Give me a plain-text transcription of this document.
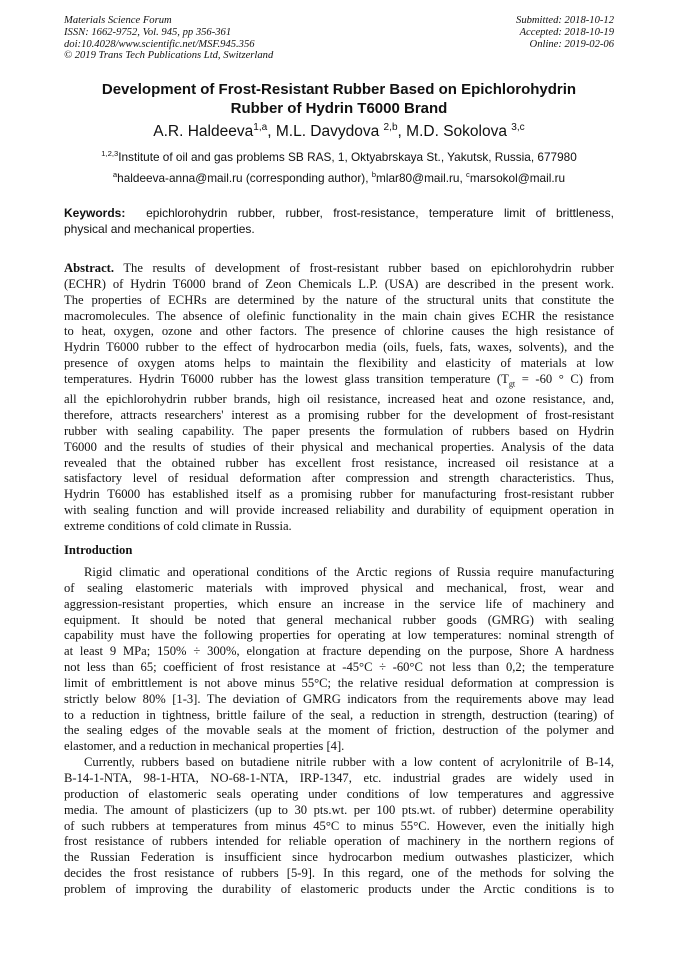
Materials Science Forum
ISSN: 1662-9752, Vol. 945, pp 356-361
doi:10.4028/www.scientific.net/MSF.945.356
© 2019 Trans Tech Publications Ltd, Switzerland
Submitted: 2018-10-12
Accepted: 2018-10-19
Online: 2019-02-06
Development of Frost-Resistant Rubber Based on Epichlorohydrin
Rubber of Hydrin T6000 Brand
A.R. Haldeeva$^{1,a}$, M.L. Davydova $^{2,b}$, M.D. Sokolova $^{3,c}$
$^{1,2,3}$Institute of oil and gas problems SB RAS, 1, Oktyabrskaya St., Yakutsk, Russia, 677980
$^a$haldeeva-anna@mail.ru (corresponding author), $^b$mlar80@mail.ru, $^c$marsokol@mail.ru
Keywords: epichlorohydrin rubber, rubber, frost-resistance, temperature limit of brittleness,
physical and mechanical properties.
Abstract. The results of development of frost-resistant rubber based on epichlorohydrin rubber
(ECHR) of Hydrin T6000 brand of Zeon Chemicals L.P. (USA) are described in the present work.
The properties of ECHRs are determined by the nature of the structural units that constitute the
macromolecules. The absence of olefinic functionality in the main chain gives ECHR the resistance
to heat, oxygen, ozone and other factors. The presence of chlorine causes the high resistance of
Hydrin T6000 rubber to the effect of hydrocarbon media (oils, fuels, fats, waxes, solvents), and the
presence of oxygen atoms helps to maintain the flexibility and elasticity of materials at low
temperatures. Hydrin T6000 rubber has the lowest glass transition temperature ($T_{gt} = -60$ ° C) from
all the epichlorohydrin rubber brands, high oil resistance, increased heat and ozone resistance, and,
therefore, attracts researchers' interest as a promising rubber for the development of frost-resistant
rubber with sealing capability. The paper presents the formulation of rubbers based on Hydrin
T6000 and the results of studies of their physical and mechanical properties. Analysis of the data
revealed that the obtained rubber has excellent frost resistance, increased oil resistance at a
satisfactory level of residual deformation after compression and strength characteristics. Thus,
Hydrin T6000 has established itself as a promising rubber for manufacturing frost-resistant rubber
with sealing function and will provide increased reliability and durability of equipment operation in
extreme conditions of cold climate in Russia.
Introduction
Rigid climatic and operational conditions of the Arctic regions of Russia require manufacturing
of sealing elastomeric materials with improved physical and mechanical, frost, wear and
aggression-resistant properties, which ensure an increase in the service life of machinery and
equipment. It should be noted that general mechanical rubber goods (GMRG) with sealing
capability must have the following properties for operating at low temperatures: nominal strength of
at least 9 MPa; 150% ÷ 300%, elongation at fracture depending on the purpose, Shore A hardness
not less than 65; coefficient of frost resistance at -45°C ÷ -60°C not less than 0,2; the temperature
limit of embrittlement is not above minus 55°C; the relative residual deformation at compression is
strictly below 80% [1-3]. The deviation of GMRG indicators from the requirements above may lead
to a reduction in tightness, brittle failure of the seal, a reduction in strength, destruction (tearing) of
the sealing edges of the movable seals at the moment of friction, destruction of the polymer and
elastomer, and a reduction in mechanical properties [4].
Currently, rubbers based on butadiene nitrile rubber with a low content of acrylonitrile of B-14,
B-14-1-NTA, 98-1-HTA, NO-68-1-NTA, IRP-1347, etc. industrial grades are widely used in
production of elastomeric seals operating under conditions of low temperatures and aggressive
media. The amount of plasticizers (up to 30 pts.wt. per 100 pts.wt. of rubber) determine operability
of such rubbers at temperatures from minus 45°C to minus 55°C. However, even the initially high
frost resistance of rubbers intended for reliable operation of machinery in the northern regions of
the Russian Federation is insufficient since hydrocarbon medium outwashes plasticizer, which
decides the frost resistance of rubbers [5-9]. In this regard, one of the methods for solving the
problem of improving the durability of elastomeric products under the Arctic conditions is to
